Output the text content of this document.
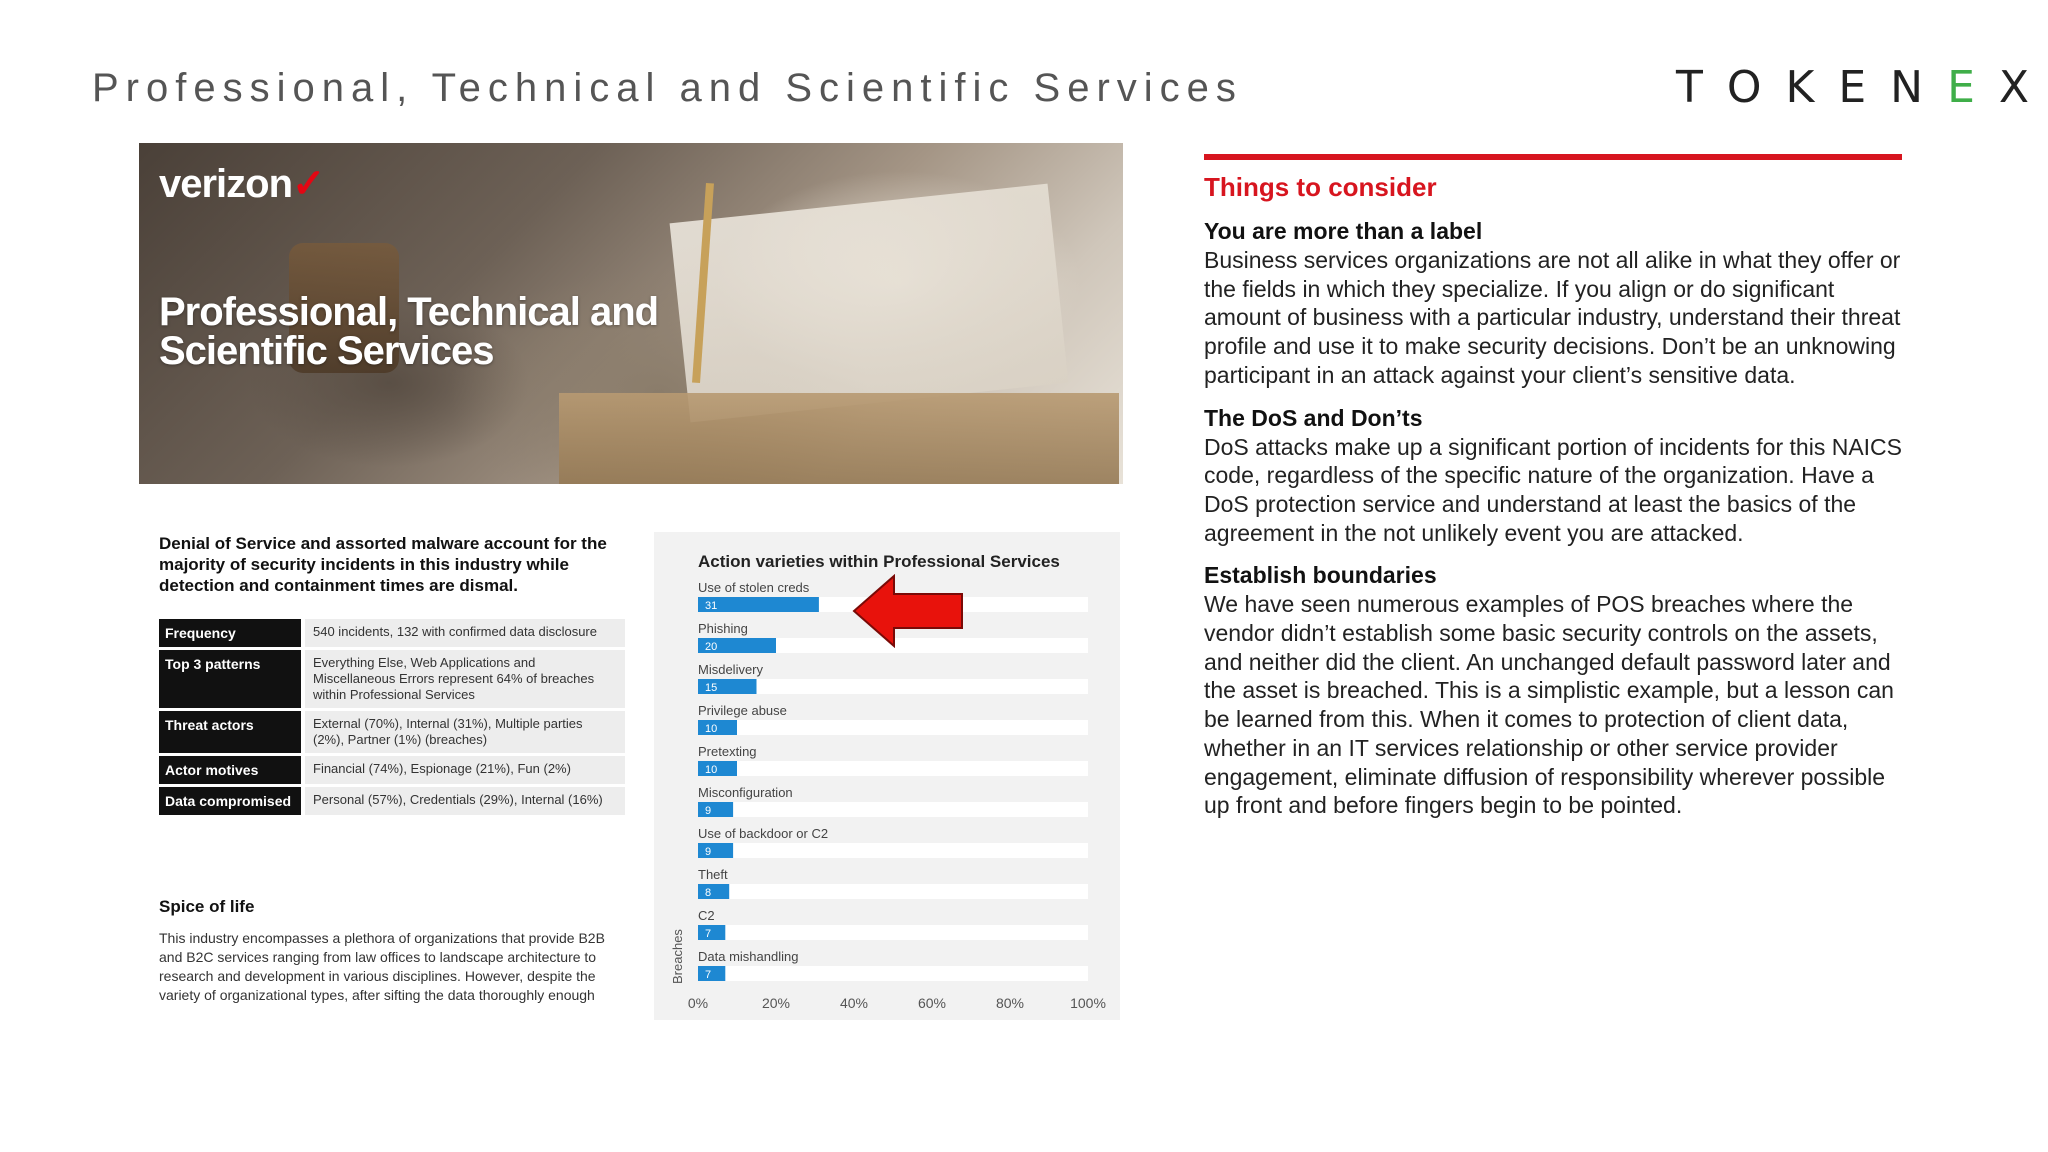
Professional, Technical and Scientific Services	TOKENEX
verizon✓
Professional, Technical and Scientific Services
Denial of Service and assorted malware account for the majority of security incidents in this industry while detection and containment times are dismal.
Frequency	540 incidents, 132 with confirmed data disclosure
Top 3 patterns	Everything Else, Web Applications and Miscellaneous Errors represent 64% of breaches within Professional Services
Threat actors	External (70%), Internal (31%), Multiple parties (2%), Partner (1%) (breaches)
Actor motives	Financial (74%), Espionage (21%), Fun (2%)
Data compromised	Personal (57%), Credentials (29%), Internal (16%)
Spice of life
This industry encompasses a plethora of organizations that provide B2B and B2C services ranging from law offices to landscape architecture to research and development in various disciplines. However, despite the variety of organizational types, after sifting the data thoroughly enough
Action varieties within Professional Services
Use of stolen creds
31
Phishing
20
Misdelivery
15
Privilege abuse
10
Pretexting
10
Misconfiguration
9
Use of backdoor or C2
9
Theft
8
C2
7
Data mishandling
7
0%	20%	40%	60%	80%	100%
Breaches

Things to consider

You are more than a label

Business services organizations are not all alike in what they offer or the fields in which they specialize. If you align or do significant amount of business with a particular industry, understand their threat profile and use it to make security decisions. Don’t be an unknowing participant in an attack against your client’s sensitive data.

The DoS and Don’ts

DoS attacks make up a significant portion of incidents for this NAICS code, regardless of the specific nature of the organization. Have a DoS protection service and understand at least the basics of the agreement in the not unlikely event you are attacked.

Establish boundaries

We have seen numerous examples of POS breaches where the vendor didn’t establish some basic security controls on the assets, and neither did the client. An unchanged default password later and the asset is breached. This is a simplistic example, but a lesson can be learned from this. When it comes to protection of client data, whether in an IT services relationship or other service provider engagement, eliminate diffusion of responsibility wherever possible up front and before fingers begin to be pointed.
